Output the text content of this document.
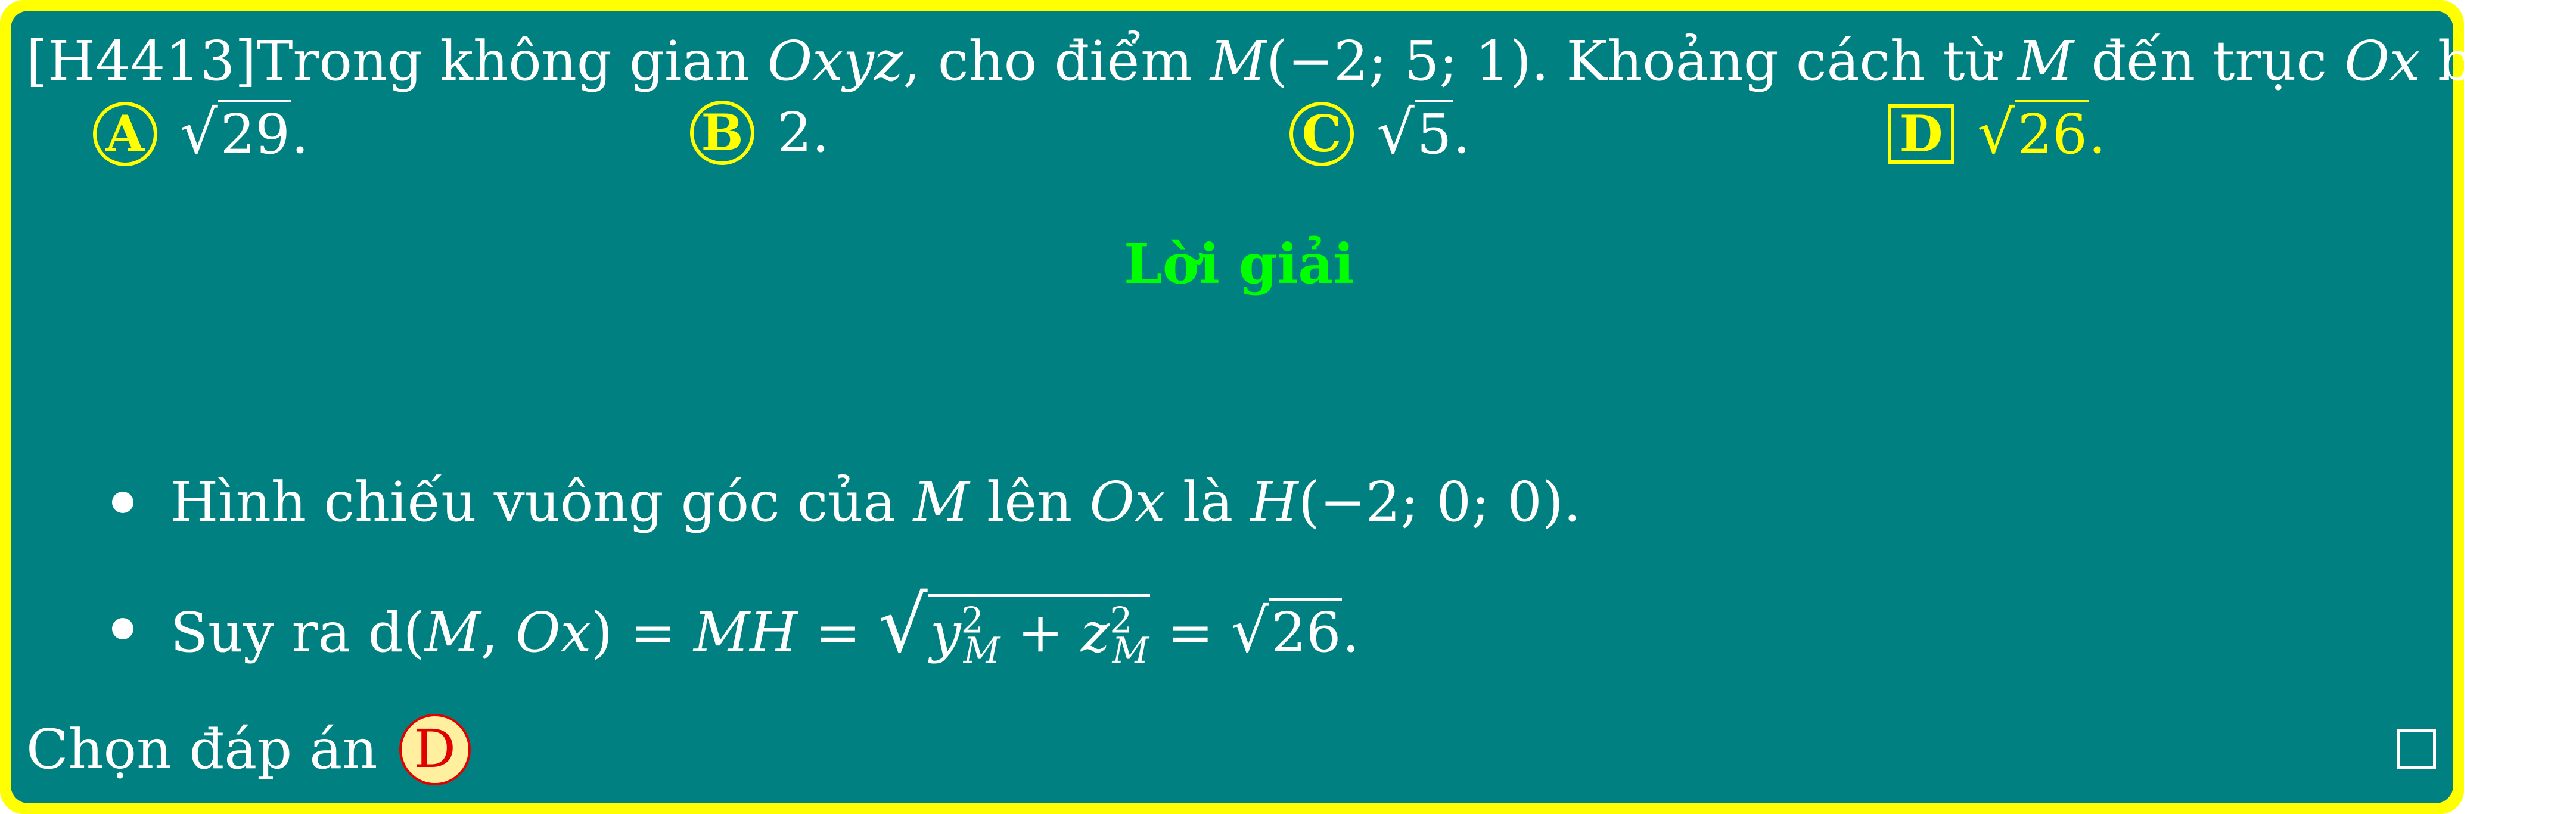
[H4413]Trong không gian Oxyz, cho điểm M(−2; 5; 1). Khoảng cách từ M đến trục Ox bằng
A √29 .	B 2.	C √5 .	D √26 .
Lời giải
Hình chiếu vuông góc của M lên Ox là H(−2; 0; 0).
Suy ra d(M, Ox) = MH = $√y^2_M + z^2_M = √26$.
Chọn đáp án D
